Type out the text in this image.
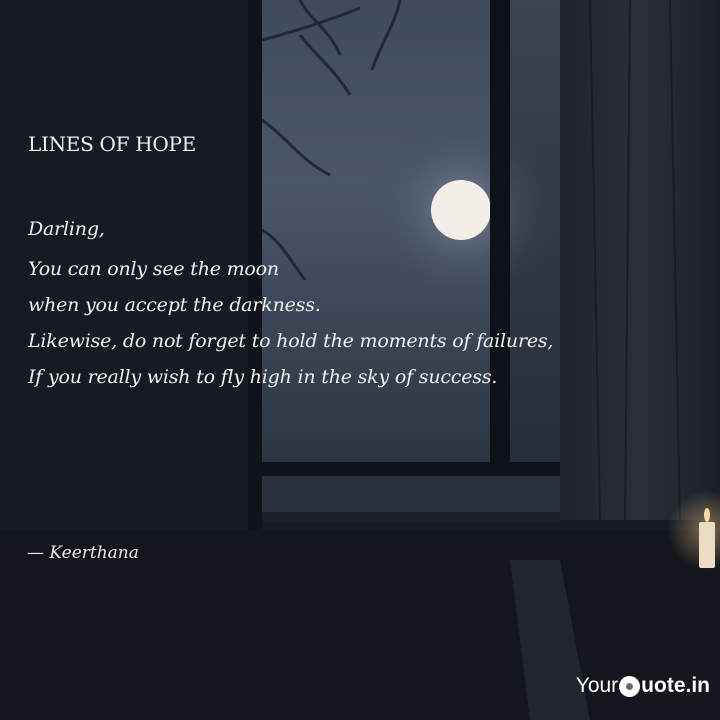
LINES OF HOPE
Darling,
You can only see the moon
when you accept the darkness.
Likewise, do not forget to hold the moments of failures,
If you really wish to fly high in the sky of success.
— Keerthana
Your uote.in
